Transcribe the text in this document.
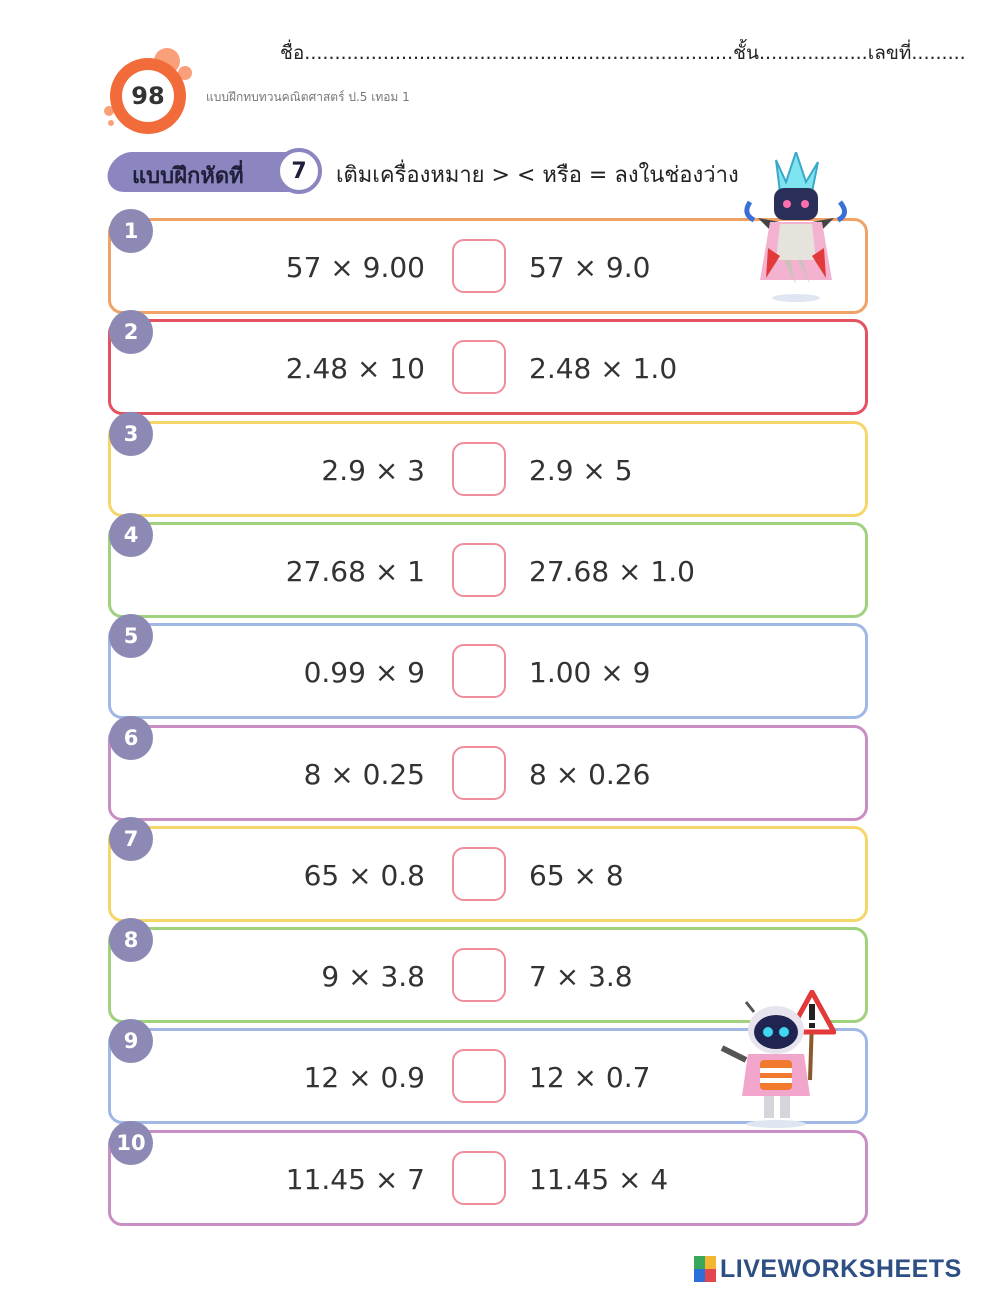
ชื่อ.......................................................................ชั้น..................เลขที่.........
98	แบบฝึกทบทวนคณิตศาสตร์ ป.5 เทอม 1
แบบฝึกหัดที่	7	เติมเครื่องหมาย > < หรือ = ลงในช่องว่าง
1
57 × 9.00	57 × 9.0
2
2.48 × 10	2.48 × 1.0
3
2.9 × 3	2.9 × 5
4
27.68 × 1	27.68 × 1.0
5
0.99 × 9	1.00 × 9
6
8 × 0.25	8 × 0.26
7
65 × 0.8	65 × 8
8
9 × 3.8	7 × 3.8
9
12 × 0.9	12 × 0.7
10
11.45 × 7	11.45 × 4
LIVEWORKSHEETS
